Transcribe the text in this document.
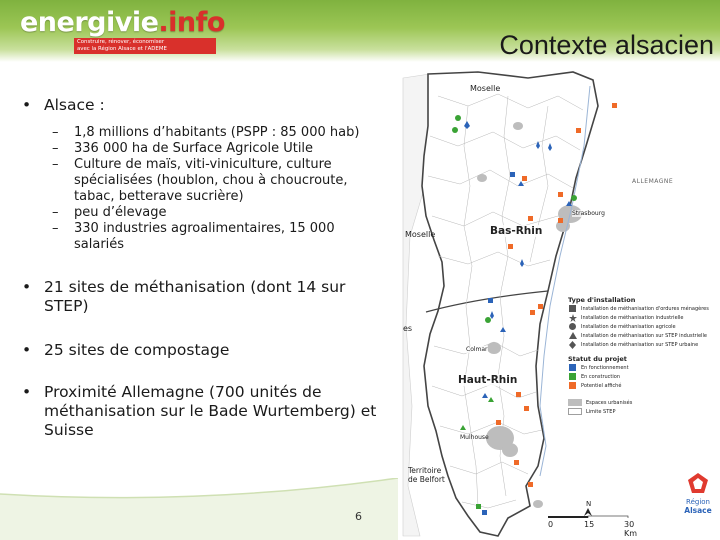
energivie.info
Construire, rénover, économiser
avec la Région Alsace et l'ADEME	Contexte alsacien
• Alsace :
– 1,8 millions d’habitants (PSPP : 85 000 hab)
– 336 000 ha de Surface Agricole Utile
– Culture de maïs, viti-viniculture, culture spécialisées (houblon, chou à choucroute, tabac, betterave sucrière)
– peu d’élevage
– 330 industries agroalimentaires, 15 000 salariés
• 21 sites de méthanisation (dont 14 sur STEP)
• 25 sites de compostage
• Proximité Allemagne (700 unités de méthanisation sur le Bade Wurtemberg) et Suisse
6
Moselle
Moselle
ALLEMAGNE
Strasbourg
Bas-Rhin
Haut-Rhin
Colmar
Mulhouse
Territoire
de Belfort
es
Type d'installation
Installation de méthanisation d'ordures ménagères
Installation de méthanisation industrielle
Installation de méthanisation agricole
Installation de méthanisation sur STEP industrielle
Installation de méthanisation sur STEP urbaine
Statut du projet
En fonctionnement
En construction
Potentiel affiché
Espaces urbanisés
Limite STEP
N
0	15	30
Km
Région
Alsace
